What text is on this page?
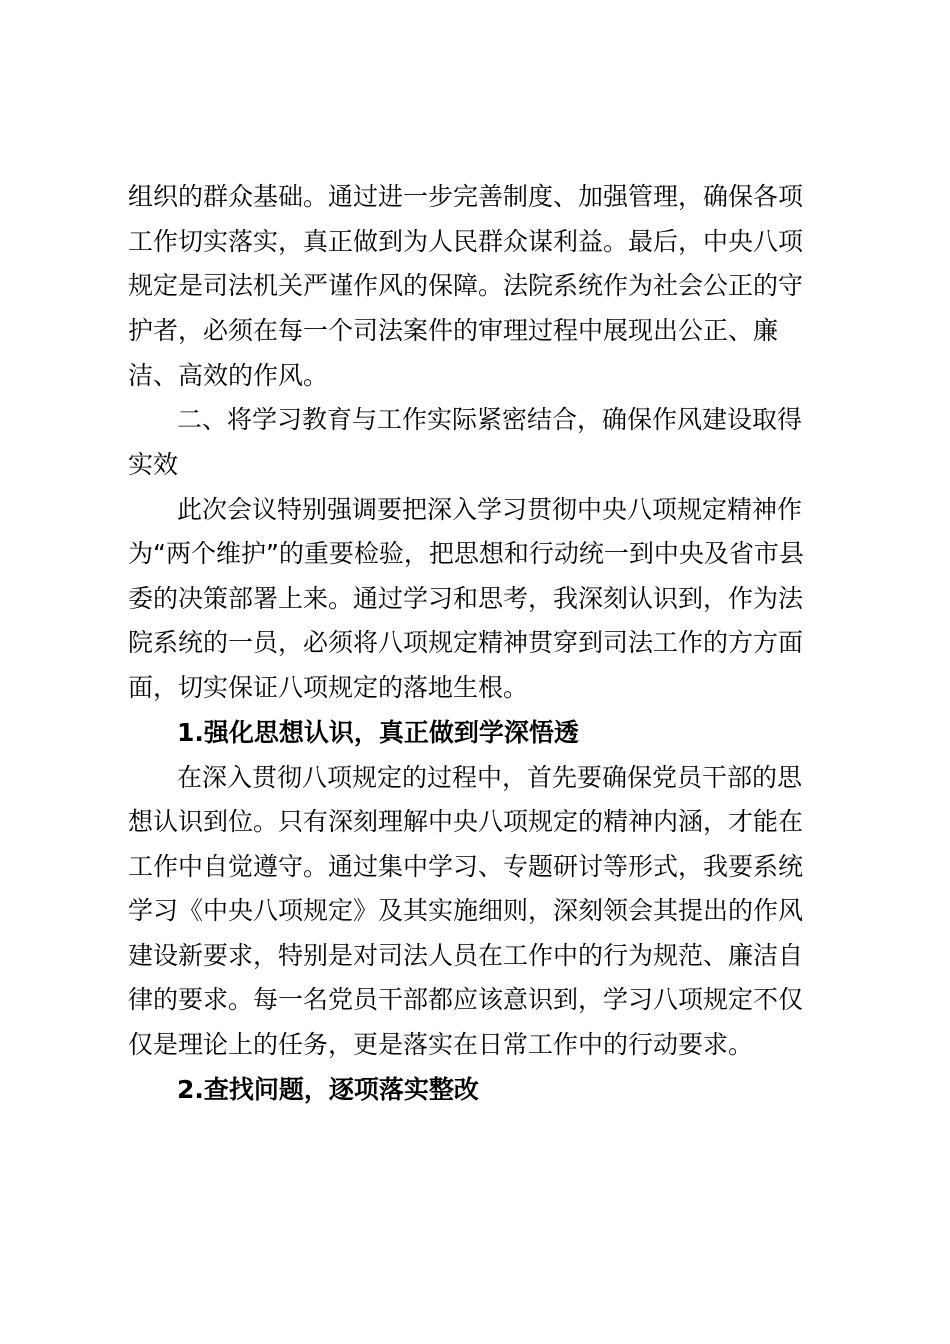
组织的群众基础。通过进一步完善制度、加强管理，确保各项
工作切实落实，真正做到为人民群众谋利益。最后，中央八项
规定是司法机关严谨作风的保障。法院系统作为社会公正的守
护者，必须在每一个司法案件的审理过程中展现出公正、廉
洁、高效的作风。
二、将学习教育与工作实际紧密结合，确保作风建设取得
实效
此次会议特别强调要把深入学习贯彻中央八项规定精神作
为“两个维护”的重要检验，把思想和行动统一到中央及省市县
委的决策部署上来。通过学习和思考，我深刻认识到，作为法
院系统的一员，必须将八项规定精神贯穿到司法工作的方方面
面，切实保证八项规定的落地生根。
1.强化思想认识，真正做到学深悟透
在深入贯彻八项规定的过程中，首先要确保党员干部的思
想认识到位。只有深刻理解中央八项规定的精神内涵，才能在
工作中自觉遵守。通过集中学习、专题研讨等形式，我要系统
学习《中央八项规定》及其实施细则，深刻领会其提出的作风
建设新要求，特别是对司法人员在工作中的行为规范、廉洁自
律的要求。每一名党员干部都应该意识到，学习八项规定不仅
仅是理论上的任务，更是落实在日常工作中的行动要求。
2.查找问题，逐项落实整改
